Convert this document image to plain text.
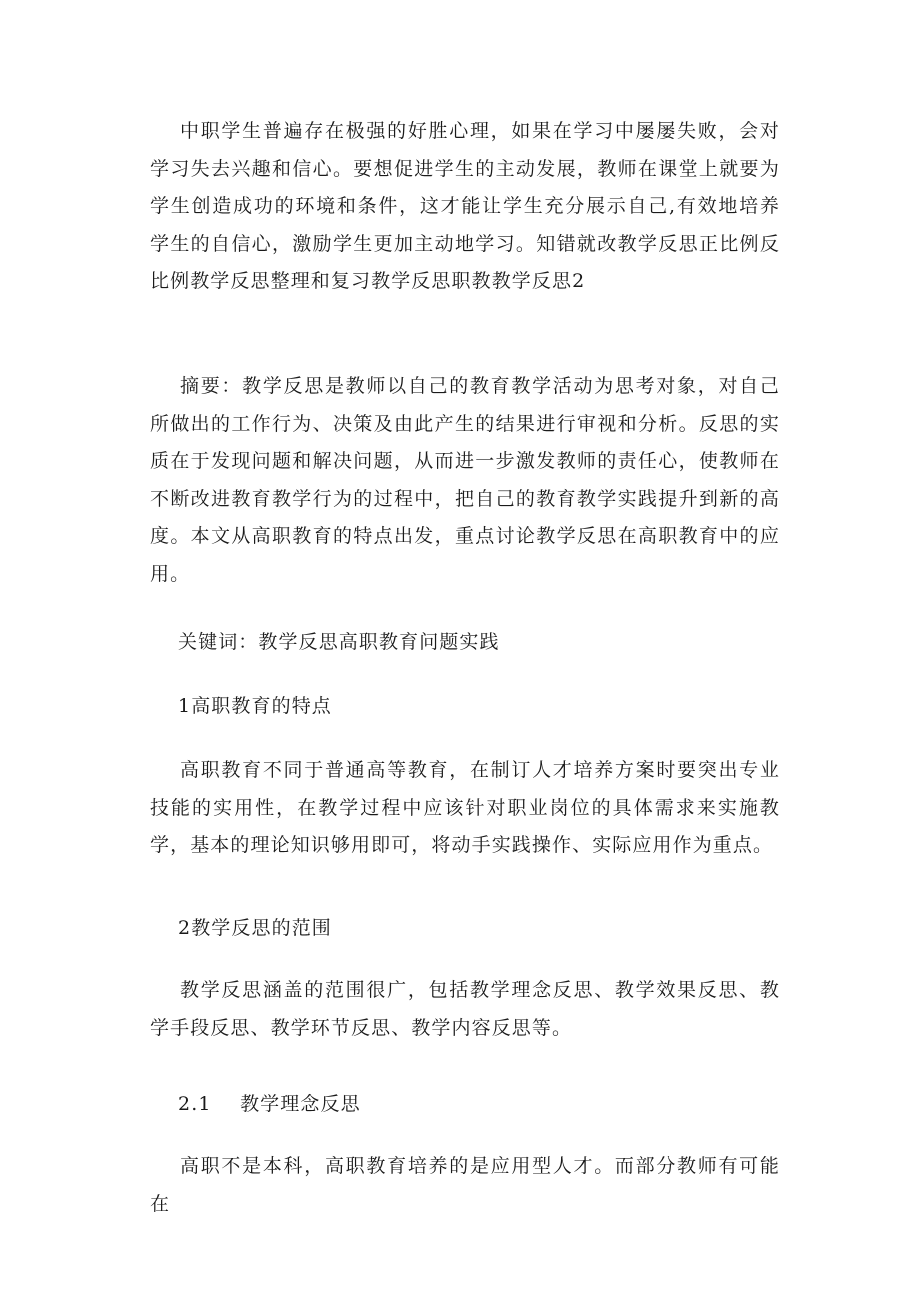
中职学生普遍存在极强的好胜心理，如果在学习中屡屡失败，会对学习失去兴趣和信心。要想促进学生的主动发展，教师在课堂上就要为学生创造成功的环境和条件，这才能让学生充分展示自己,有效地培养学生的自信心，激励学生更加主动地学习。知错就改教学反思正比例反比例教学反思整理和复习教学反思职教教学反思2

摘要：教学反思是教师以自己的教育教学活动为思考对象，对自己所做出的工作行为、决策及由此产生的结果进行审视和分析。反思的实质在于发现问题和解决问题，从而进一步激发教师的责任心，使教师在不断改进教育教学行为的过程中，把自己的教育教学实践提升到新的高度。本文从高职教育的特点出发，重点讨论教学反思在高职教育中的应用。

关键词：教学反思高职教育问题实践

1高职教育的特点

高职教育不同于普通高等教育，在制订人才培养方案时要突出专业技能的实用性，在教学过程中应该针对职业岗位的具体需求来实施教学，基本的理论知识够用即可，将动手实践操作、实际应用作为重点。

2教学反思的范围

教学反思涵盖的范围很广，包括教学理念反思、教学效果反思、教学手段反思、教学环节反思、教学内容反思等。

2.1    教学理念反思

高职不是本科，高职教育培养的是应用型人才。而部分教师有可能在
